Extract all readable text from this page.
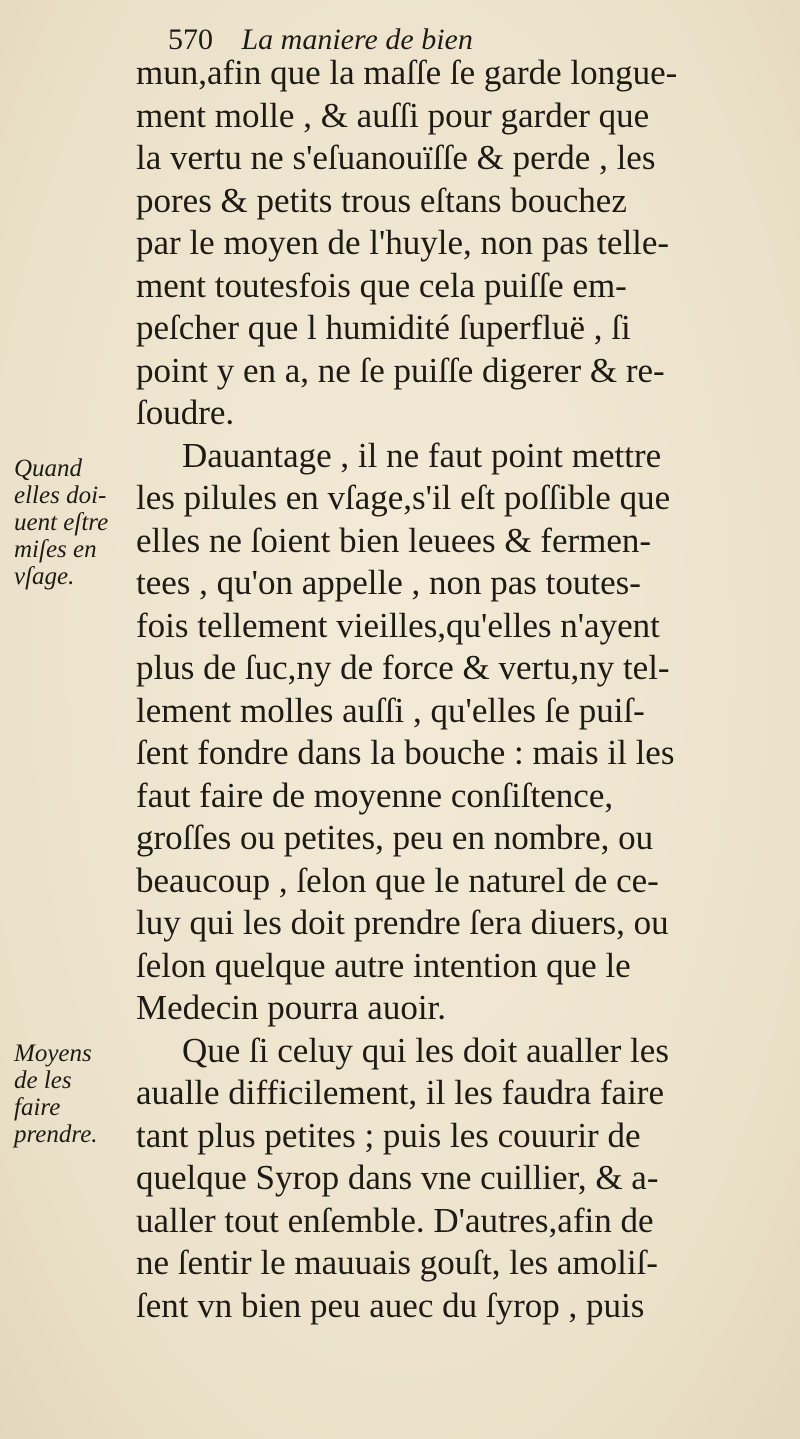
570 La maniere de bien
mun,afin que la maſſe ſe garde longue-
ment molle , & auſſi pour garder que
la vertu ne s'eſuanouïſſe & perde , les
pores & petits trous eſtans bouchez
par le moyen de l'huyle, non pas telle-
ment toutesfois que cela puiſſe em-
peſcher que l humidité ſuperfluë , ſi
point y en a, ne ſe puiſſe digerer & re-
ſoudre.
Dauantage , il ne faut point mettre
les pilules en vſage,s'il eſt poſſible que
elles ne ſoient bien leuees & fermen-
tees , qu'on appelle , non pas toutes-
fois tellement vieilles,qu'elles n'ayent
plus de ſuc,ny de force & vertu,ny tel-
lement molles auſſi , qu'elles ſe puiſ-
ſent fondre dans la bouche : mais il les
faut faire de moyenne conſiſtence,
groſſes ou petites, peu en nombre, ou
beaucoup , ſelon que le naturel de ce-
luy qui les doit prendre ſera diuers, ou
ſelon quelque autre intention que le
Medecin pourra auoir.
Que ſi celuy qui les doit aualler les
aualle difficilement, il les faudra faire
tant plus petites ; puis les couurir de
quelque Syrop dans vne cuillier, & a-
ualler tout enſemble. D'autres,afin de
ne ſentir le mauuais gouſt, les amoliſ-
ſent vn bien peu auec du ſyrop , puis
Quand
elles doi-
uent eſtre
miſes en
vſage.
Moyens
de les
faire
prendre.
